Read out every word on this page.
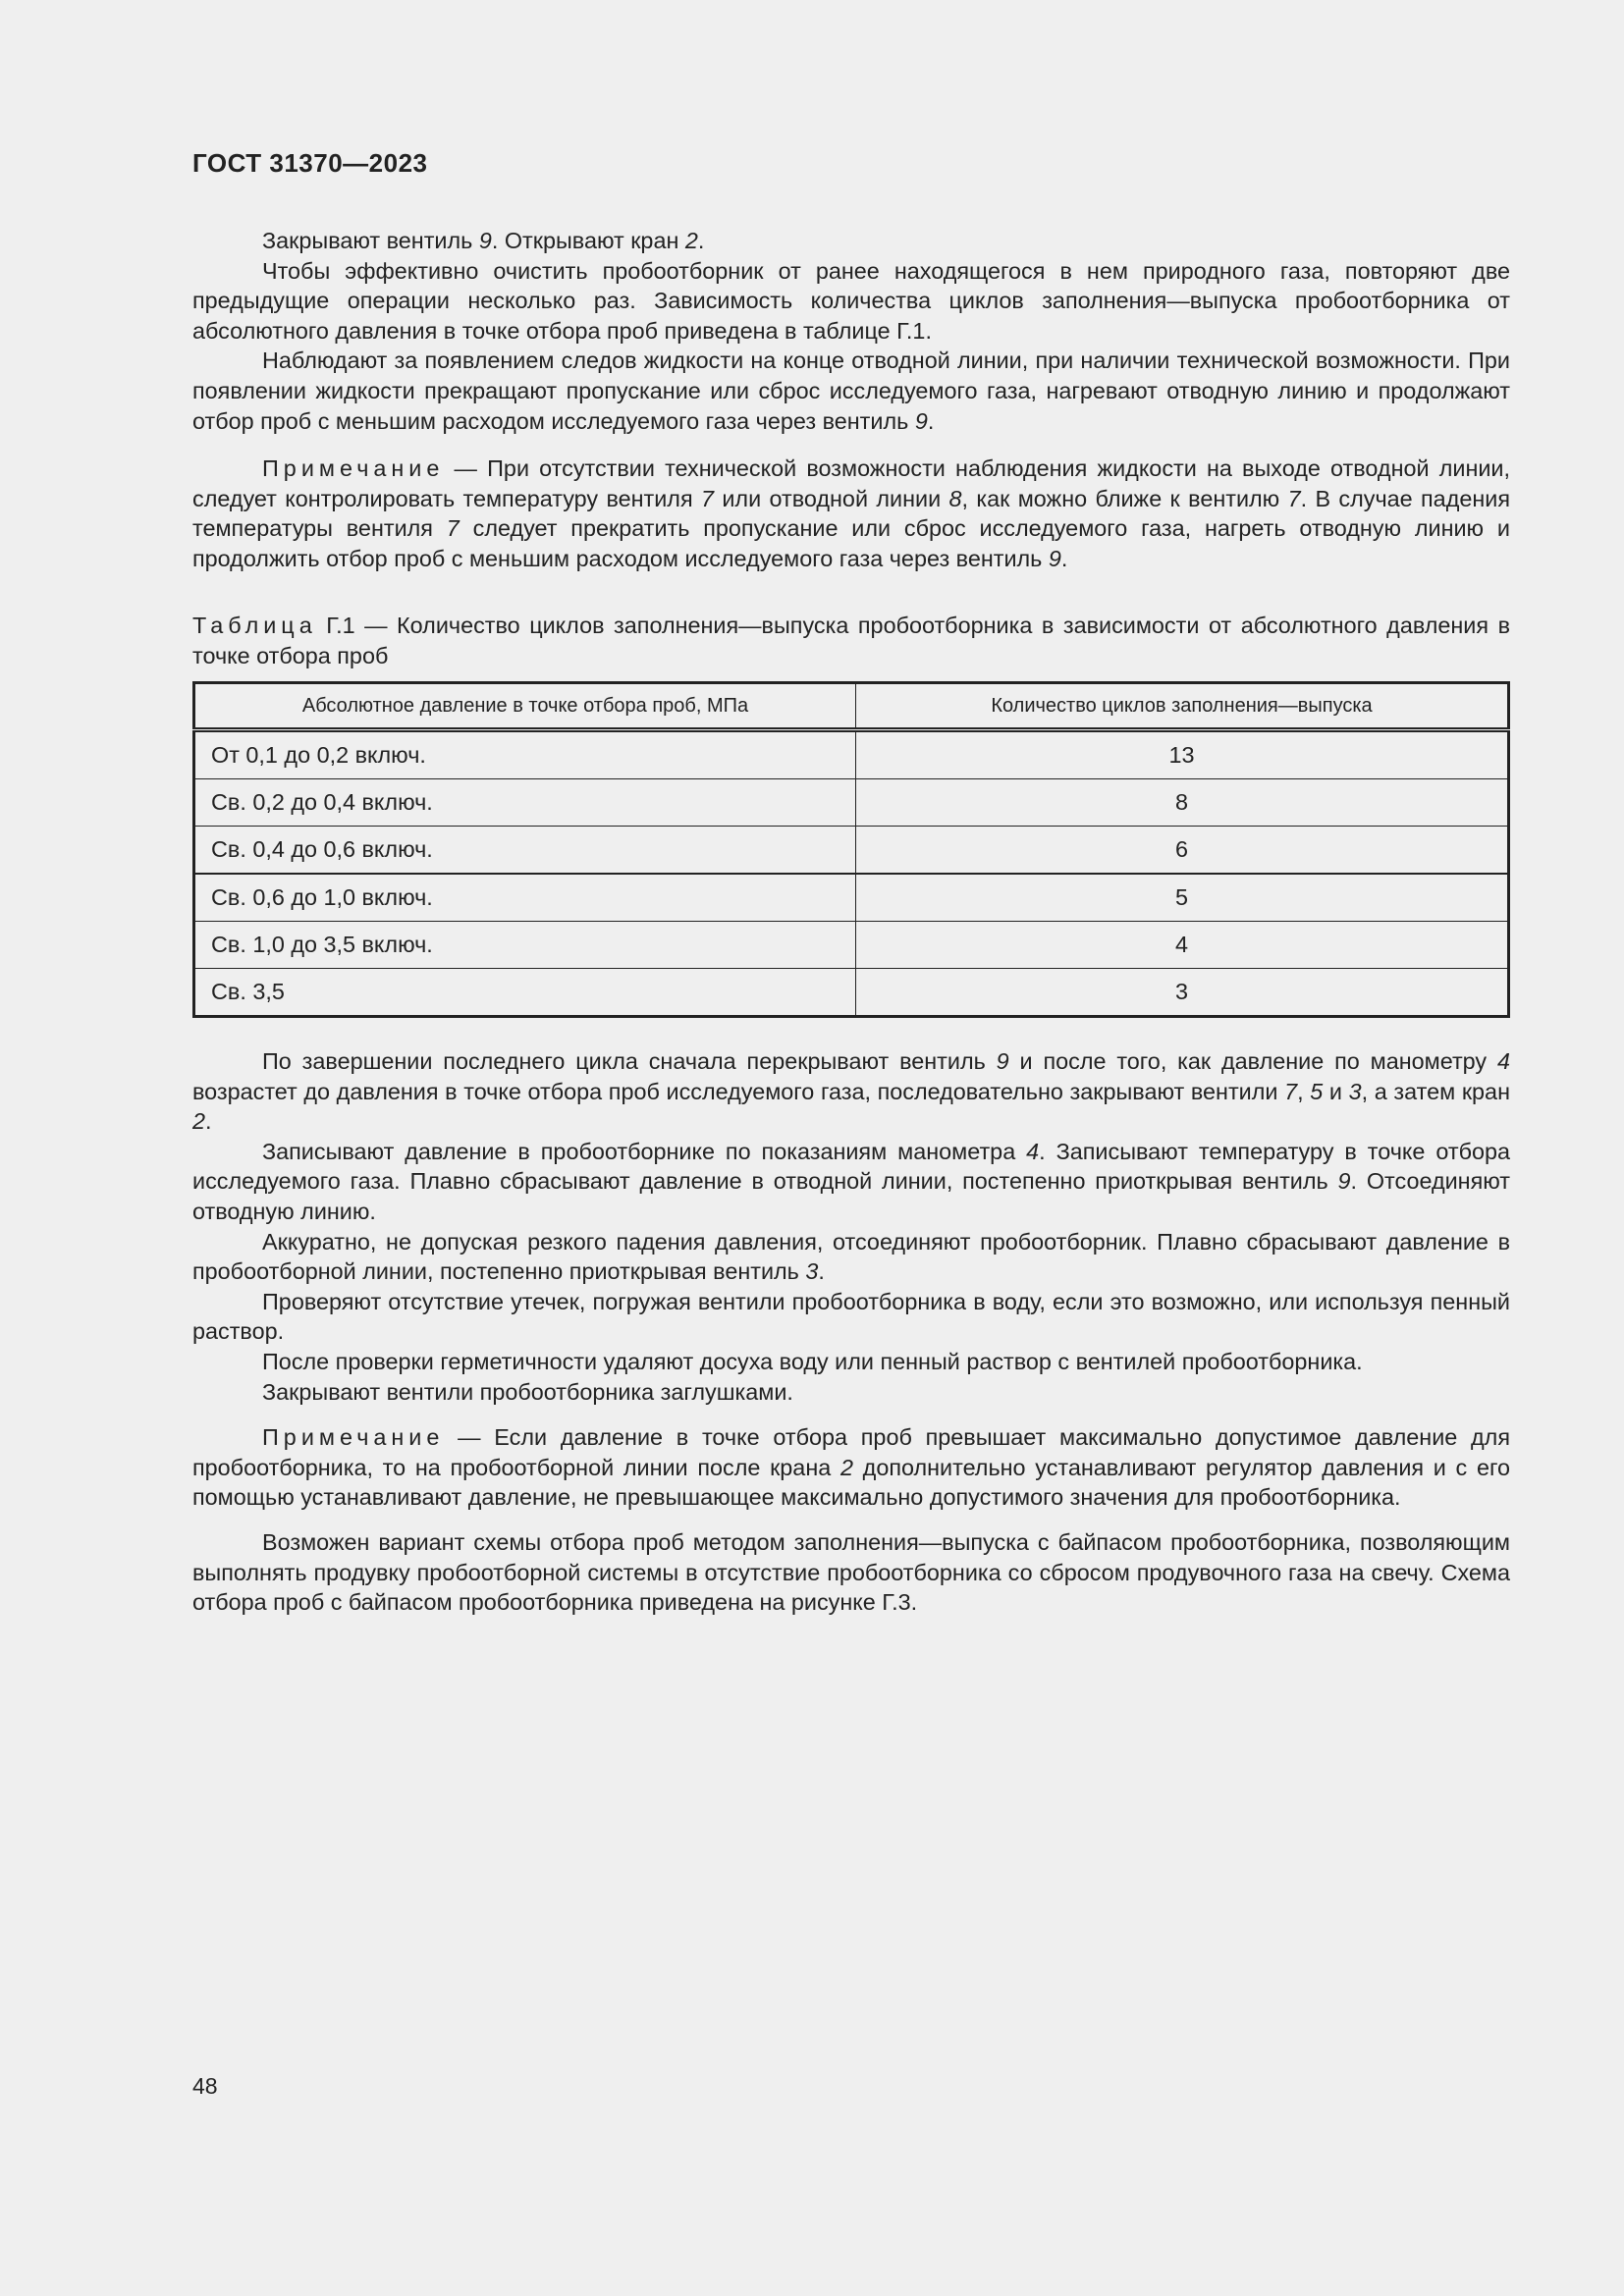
ГОСТ 31370—2023

Закрывают вентиль 9. Открывают кран 2.

Чтобы эффективно очистить пробоотборник от ранее находящегося в нем природного газа, повторяют две предыдущие операции несколько раз. Зависимость количества циклов заполнения—выпуска пробоотборника от абсолютного давления в точке отбора проб приведена в таблице Г.1.

Наблюдают за появлением следов жидкости на конце отводной линии, при наличии технической возможности. При появлении жидкости прекращают пропускание или сброс исследуемого газа, нагревают отводную линию и продолжают отбор проб с меньшим расходом исследуемого газа через вентиль 9.

Примечание — При отсутствии технической возможности наблюдения жидкости на выходе отводной линии, следует контролировать температуру вентиля 7 или отводной линии 8, как можно ближе к вентилю 7. В случае падения температуры вентиля 7 следует прекратить пропускание или сброс исследуемого газа, нагреть отводную линию и продолжить отбор проб с меньшим расходом исследуемого газа через вентиль 9.

Таблица Г.1 — Количество циклов заполнения—выпуска пробоотборника в зависимости от абсолютного давления в точке отбора проб
Абсолютное давление в точке отбора проб, МПа	Количество циклов заполнения—выпуска
От 0,1 до 0,2 включ.	13
Св. 0,2 до 0,4 включ.	8
Св. 0,4 до 0,6 включ.	6
Св. 0,6 до 1,0 включ.	5
Св. 1,0 до 3,5 включ.	4
Св. 3,5	3

По завершении последнего цикла сначала перекрывают вентиль 9 и после того, как давление по манометру 4 возрастет до давления в точке отбора проб исследуемого газа, последовательно закрывают вентили 7, 5 и 3, а затем кран 2.

Записывают давление в пробоотборнике по показаниям манометра 4. Записывают температуру в точке отбора исследуемого газа. Плавно сбрасывают давление в отводной линии, постепенно приоткрывая вентиль 9. Отсоединяют отводную линию.

Аккуратно, не допуская резкого падения давления, отсоединяют пробоотборник. Плавно сбрасывают давление в пробоотборной линии, постепенно приоткрывая вентиль 3.

Проверяют отсутствие утечек, погружая вентили пробоотборника в воду, если это возможно, или используя пенный раствор.

После проверки герметичности удаляют досуха воду или пенный раствор с вентилей пробоотборника.

Закрывают вентили пробоотборника заглушками.

Примечание — Если давление в точке отбора проб превышает максимально допустимое давление для пробоотборника, то на пробоотборной линии после крана 2 дополнительно устанавливают регулятор давления и с его помощью устанавливают давление, не превышающее максимально допустимого значения для пробоотборника.

Возможен вариант схемы отбора проб методом заполнения—выпуска с байпасом пробоотборника, позволяющим выполнять продувку пробоотборной системы в отсутствие пробоотборника со сбросом продувочного газа на свечу. Схема отбора проб с байпасом пробоотборника приведена на рисунке Г.3.

48
